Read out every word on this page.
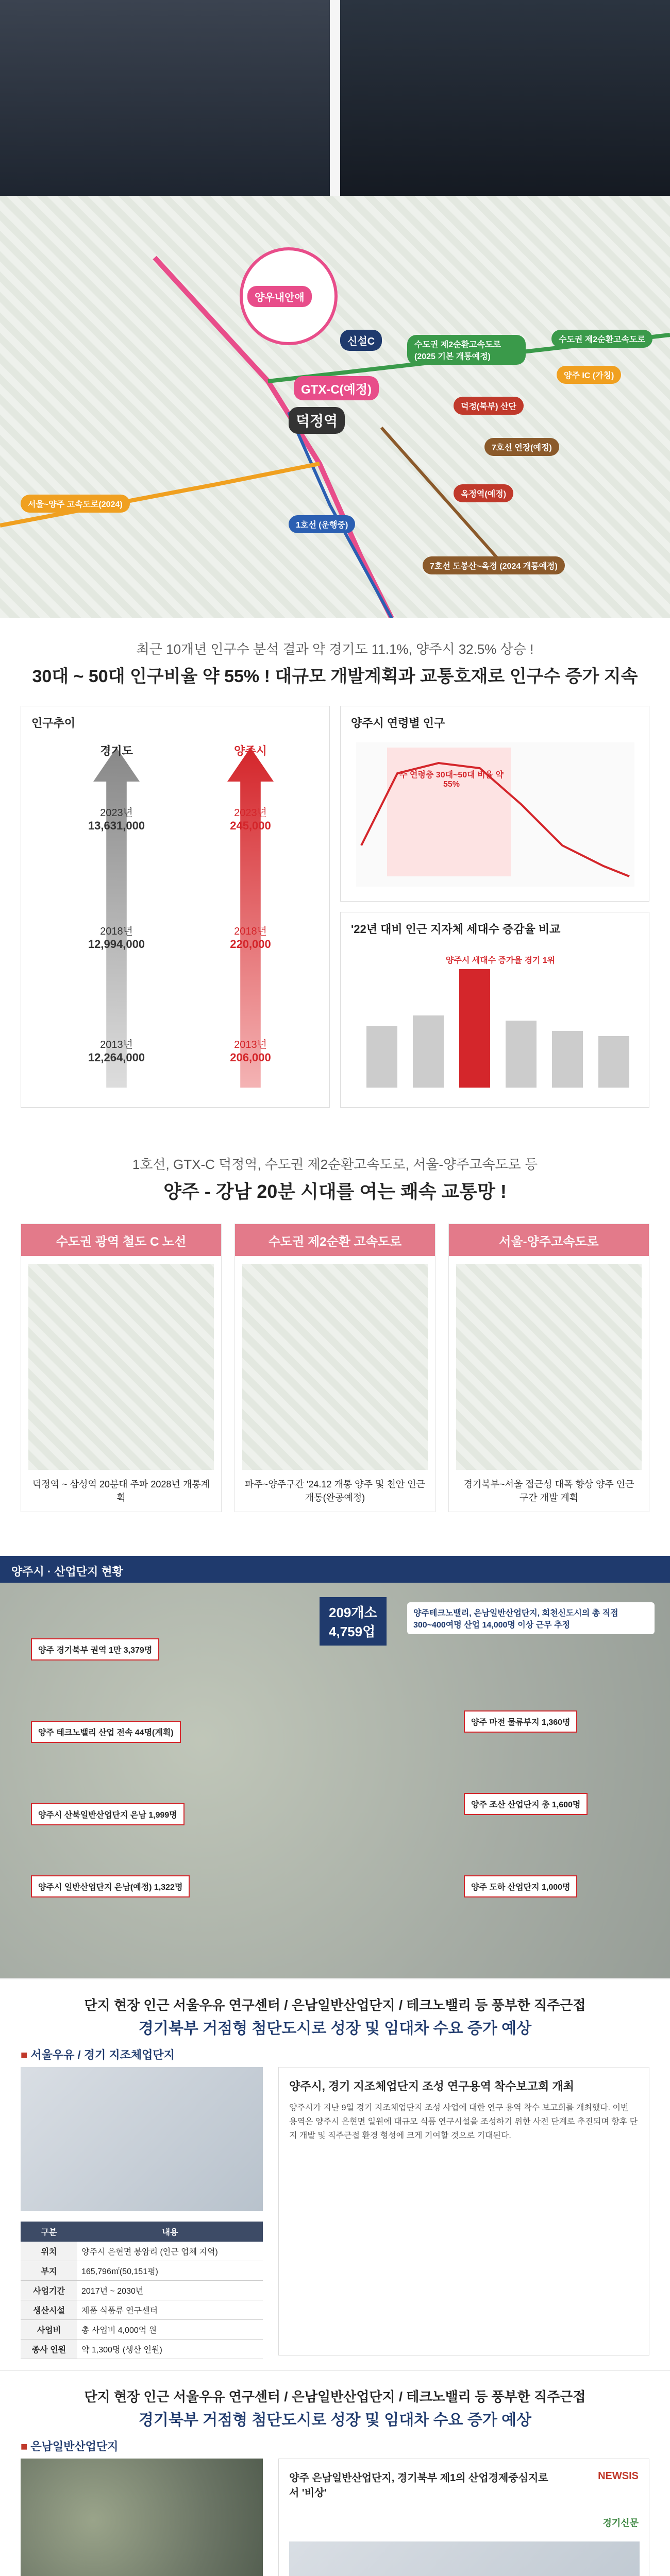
양우내안애
신설C
GTX-C(예정)
덕정역
수도권 제2순환고속도로 (2025 기본 개통예정)
수도권 제2순환고속도로
서울~양주 고속도로(2024)
양주 IC (가칭)
7호선 연장(예정)
7호선 도봉산~옥정 (2024 개통예정)
1호선 (운행중)
덕정(북부) 산단
옥정역(예정)
최근 10개년 인구수 분석 결과 약 경기도 11.1%, 양주시 32.5% 상승 !
30대 ~ 50대 인구비율 약 55% ! 대규모 개발계획과 교통호재로 인구수 증가 지속
인구추이
경기도
2023년
13,631,000
2018년
12,994,000
2013년
12,264,000
양주시
2023년
245,000
2018년
220,000
2013년
206,000
양주시 연령별 인구
주 연령층 30대~50대 비율 약 55%
'22년 대비 인근 지자체 세대수 증감율 비교
양주시 세대수 증가율 경기 1위
1호선, GTX-C 덕정역, 수도권 제2순환고속도로, 서울-양주고속도로 등
양주 - 강남 20분 시대를 여는 쾌속 교통망 !
수도권 광역 철도 C 노선
덕정역 ~ 삼성역 20분대 주파 2028년 개통계획
수도권 제2순환 고속도로
파주~양주구간 '24.12 개통 양주 및 천안 인근 개통(완공예정)
서울-양주고속도로
경기북부~서울 접근성 대폭 향상 양주 인근 구간 개발 계획
양주시 · 산업단지 현황
209개소
4,759업
양주테크노밸리, 은남일반산업단지, 회천신도시의 총 직접 300~400여명 산업 14,000명 이상 근무 추정
양주 경기북부 권역 1만 3,379명
양주 테크노밸리 산업 전속 44명(계획)
양주시 산북일반산업단지 은남 1,999명
양주시 일반산업단지 은남(예정) 1,322명
양주 마전 물류부지 1,360명
양주 조산 산업단지 총 1,600명
양주 도하 산업단지 1,000명
단지 현장 인근 서울우유 연구센터 / 은남일반산업단지 / 테크노밸리 등 풍부한 직주근접
경기북부 거점형 첨단도시로 성장 및 임대차 수요 증가 예상
■ 서울우유 / 경기 지조체업단지
구분	내용
위치	양주시 은현면 봉암리 (인근 업체 지역)
부지	165,796㎡(50,151평)
사업기간	2017년 ~ 2030년
생산시설	제품 식품류 연구센터
사업비	총 사업비 4,000억 원
종사 인원	약 1,300명 (생산 인원)
양주시, 경기 지조체업단지 조성 연구용역 착수보고회 개최
양주시가 지난 9일 경기 지조체업단지 조성 사업에 대한 연구 용역 착수 보고회를 개최했다. 이번 용역은 양주시 은현면 일원에 대규모 식품 연구시설을 조성하기 위한 사전 단계로 추진되며 향후 단지 개발 및 직주근접 환경 형성에 크게 기여할 것으로 기대된다.
단지 현장 인근 서울우유 연구센터 / 은남일반산업단지 / 테크노밸리 등 풍부한 직주근접
경기북부 거점형 첨단도시로 성장 및 임대차 수요 증가 예상
■ 은남일반산업단지

양주 은남일반산업단지, 경기북부 제1의 산업경제중심지로서 '비상'
NEWSIS
경기신문
